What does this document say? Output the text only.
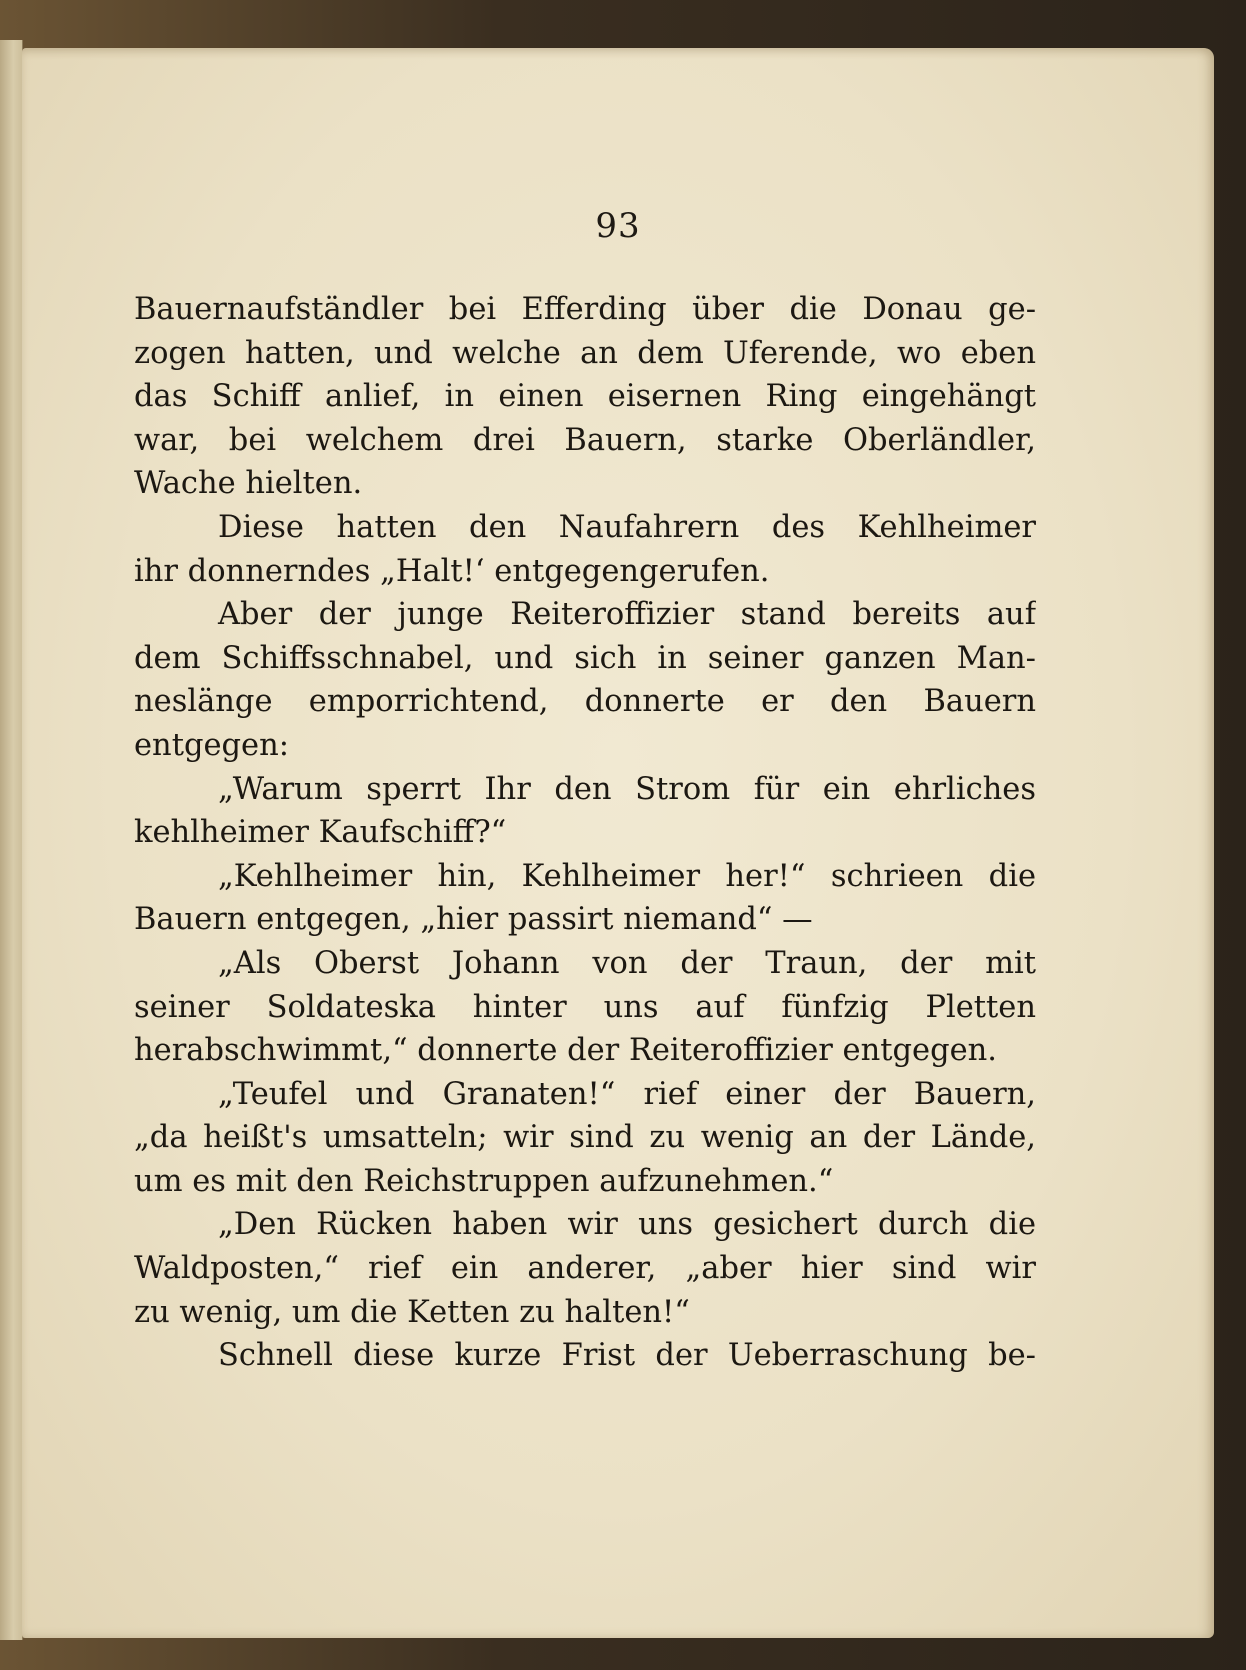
93
Bauernaufständler bei Efferding über die Donau ge-
zogen hatten, und welche an dem Uferende, wo eben
das Schiff anlief, in einen eisernen Ring eingehängt
war, bei welchem drei Bauern, starke Oberländler,
Wache hielten.
Diese hatten den Naufahrern des Kehlheimer
ihr donnerndes „Halt!‘ entgegengerufen.
Aber der junge Reiteroffizier stand bereits auf
dem Schiffsschnabel, und sich in seiner ganzen Man-
neslänge emporrichtend, donnerte er den Bauern
entgegen:
„Warum sperrt Ihr den Strom für ein ehrliches
kehlheimer Kaufschiff?“
„Kehlheimer hin, Kehlheimer her!“ schrieen die
Bauern entgegen, „hier passirt niemand“ —
„Als Oberst Johann von der Traun, der mit
seiner Soldateska hinter uns auf fünfzig Pletten
herabschwimmt,“ donnerte der Reiteroffizier entgegen.
„Teufel und Granaten!“ rief einer der Bauern,
„da heißt's umsatteln; wir sind zu wenig an der Lände,
um es mit den Reichstruppen aufzunehmen.“
„Den Rücken haben wir uns gesichert durch die
Waldposten,“ rief ein anderer, „aber hier sind wir
zu wenig, um die Ketten zu halten!“
Schnell diese kurze Frist der Ueberraschung be-
